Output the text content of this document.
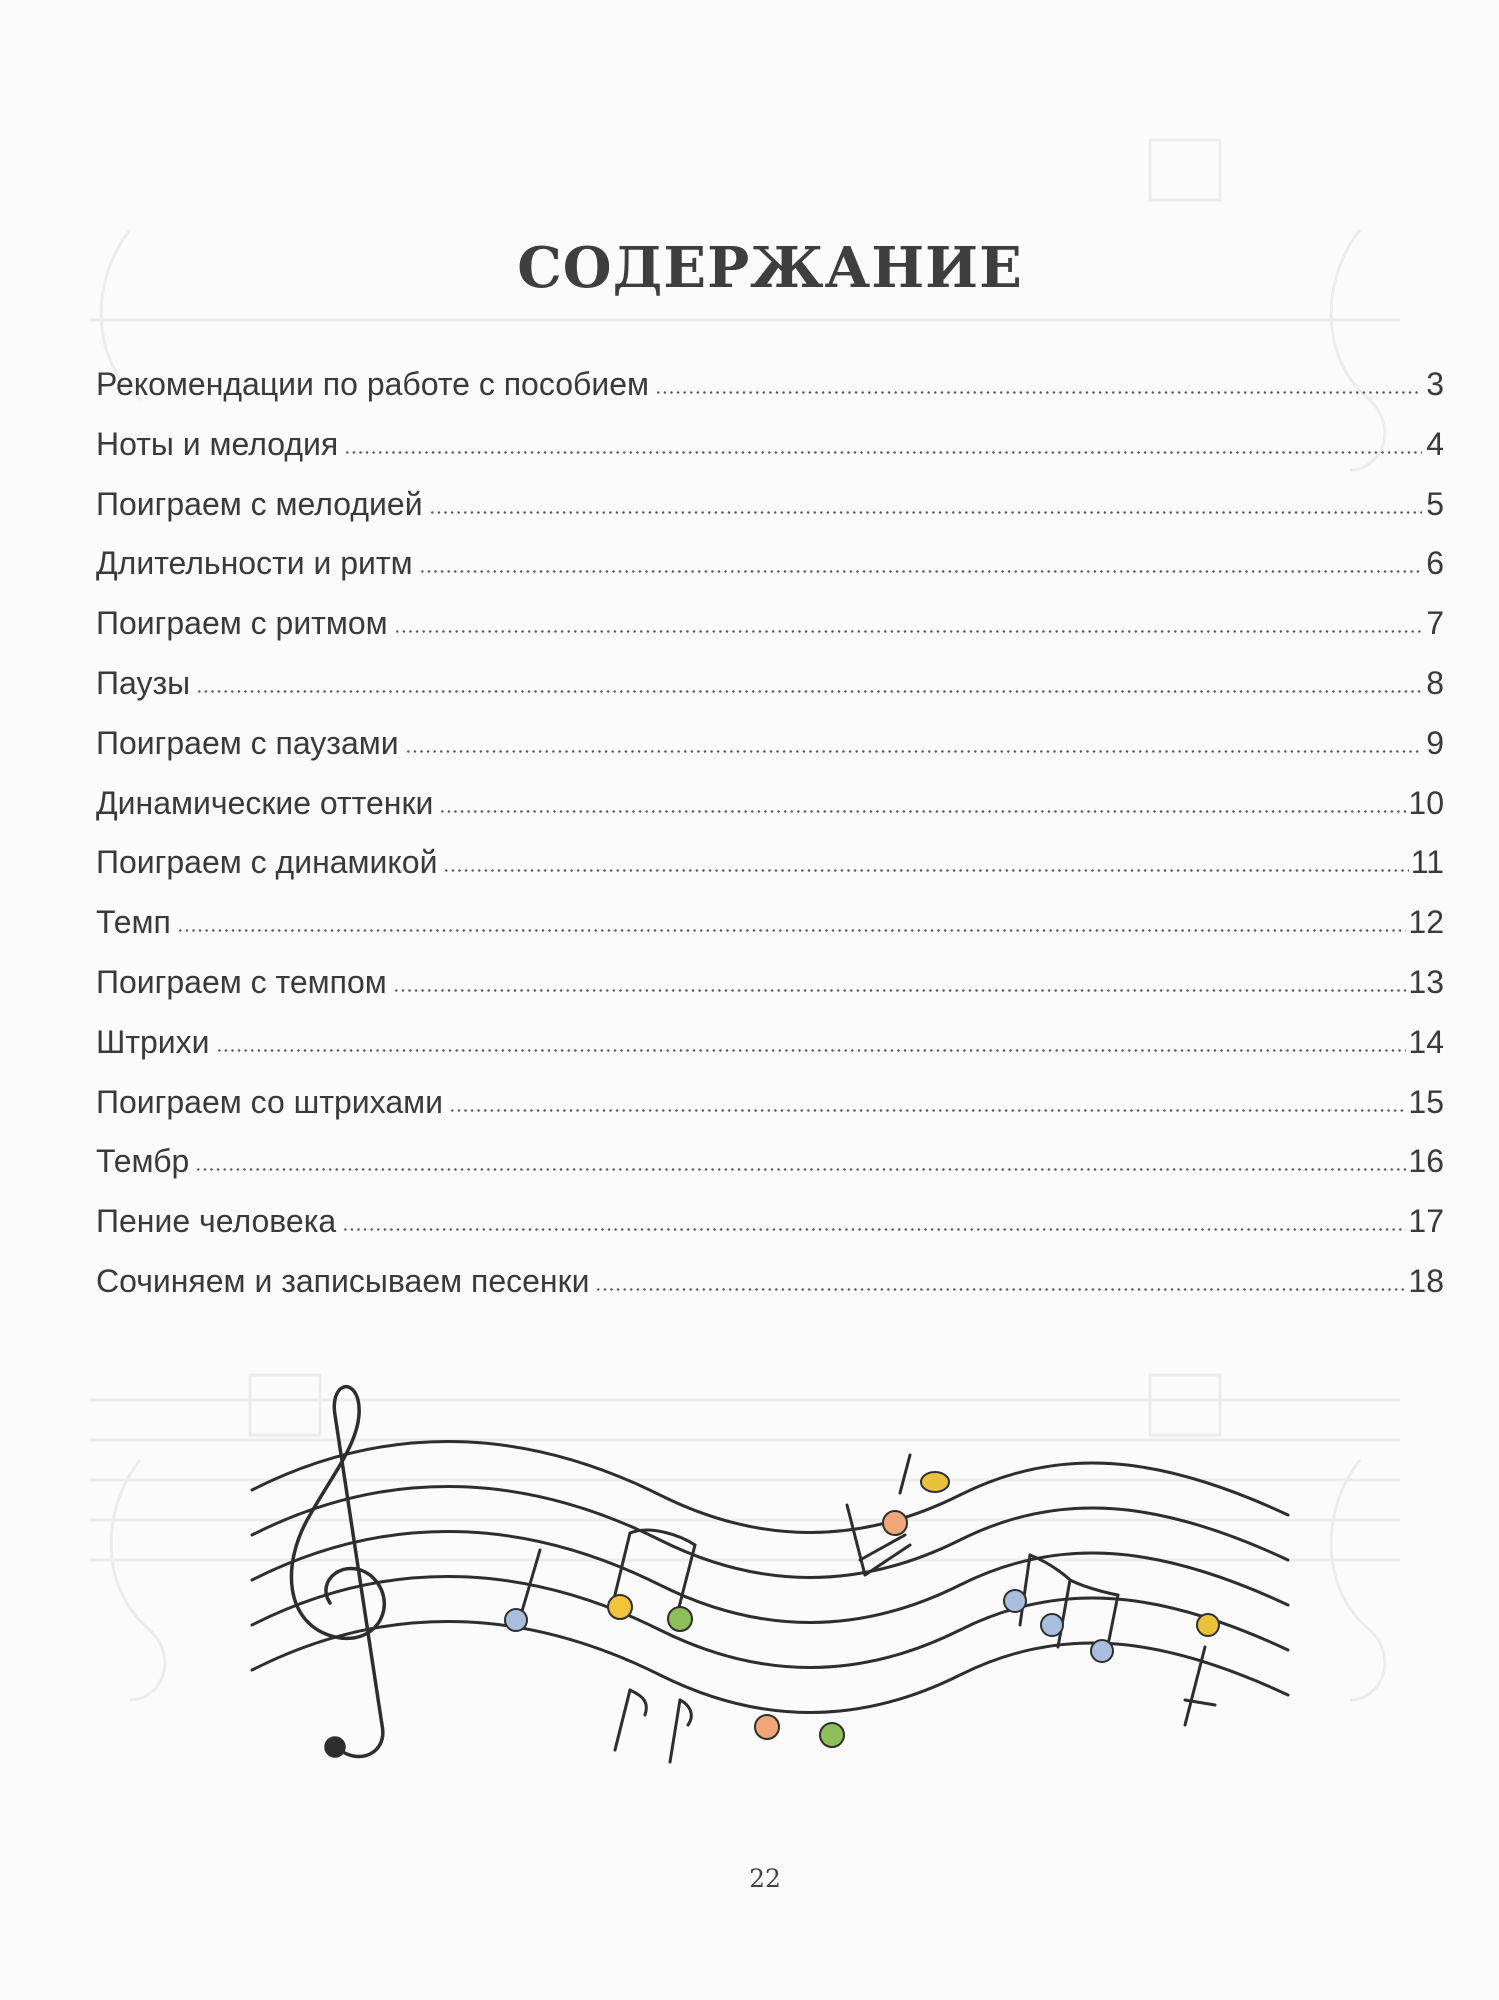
СОДЕРЖАНИЕ
Рекомендации по работе с пособием	3
Ноты и мелодия	4
Поиграем с мелодией	5
Длительности и ритм	6
Поиграем с ритмом	7
Паузы	8
Поиграем с паузами	9
Динамические оттенки	10
Поиграем с динамикой	11
Темп	12
Поиграем с темпом	13
Штрихи	14
Поиграем со штрихами	15
Тембр	16
Пение человека	17
Сочиняем и записываем песенки	18
22
